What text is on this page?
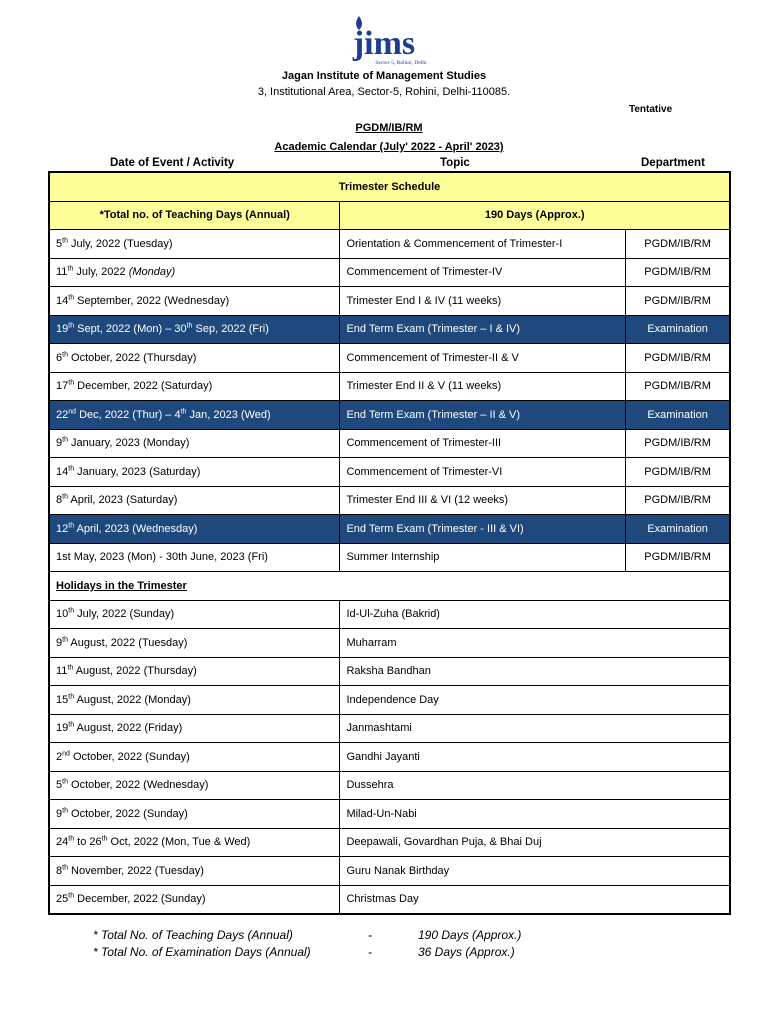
jims
Sector-5, Rohini, Delhi
Jagan Institute of Management Studies
3, Institutional Area, Sector-5, Rohini, Delhi-110085.
Tentative
PGDM/IB/RM
Academic Calendar (July' 2022 - April' 2023)
Date of Event / Activity	Topic	Department
Trimester Schedule		
*Total no. of Teaching Days (Annual)	190 Days (Approx.)	
5th July, 2022 (Tuesday)	Orientation & Commencement of Trimester-I	PGDM/IB/RM
11th July, 2022 (Monday)	Commencement of Trimester-IV	PGDM/IB/RM
14th September, 2022 (Wednesday)	Trimester End I & IV (11 weeks)	PGDM/IB/RM
19th Sept, 2022 (Mon) – 30th Sep, 2022 (Fri)	End Term Exam (Trimester – I & IV)	Examination
6th October, 2022 (Thursday)	Commencement of Trimester-II & V	PGDM/IB/RM
17th December, 2022 (Saturday)	Trimester End II & V (11 weeks)	PGDM/IB/RM
22nd Dec, 2022 (Thur) – 4th Jan, 2023 (Wed)	End Term Exam (Trimester – II & V)	Examination
9th January, 2023 (Monday)	Commencement of Trimester-III	PGDM/IB/RM
14th January, 2023 (Saturday)	Commencement of Trimester-VI	PGDM/IB/RM
8th April, 2023 (Saturday)	Trimester End III & VI (12 weeks)	PGDM/IB/RM
12th April, 2023 (Wednesday)	End Term Exam (Trimester - III & VI)	Examination
1st May, 2023 (Mon) - 30th June, 2023 (Fri)	Summer Internship	PGDM/IB/RM
Holidays in the Trimester		
10th July, 2022 (Sunday)	Id-Ul-Zuha (Bakrid)	
9th August, 2022 (Tuesday)	Muharram	
11th August, 2022 (Thursday)	Raksha Bandhan	
15th August, 2022 (Monday)	Independence Day	
19th August, 2022 (Friday)	Janmashtami	
2nd October, 2022 (Sunday)	Gandhi Jayanti	
5th October, 2022 (Wednesday)	Dussehra	
9th October, 2022 (Sunday)	Milad-Un-Nabi	
24th to 26th Oct, 2022 (Mon, Tue & Wed)	Deepawali, Govardhan Puja, & Bhai Duj	
8th November, 2022 (Tuesday)	Guru Nanak Birthday	
25th December, 2022 (Sunday)	Christmas Day	
* Total No. of Teaching Days (Annual)	-	190 Days (Approx.)
* Total No. of Examination Days (Annual)	-	36 Days (Approx.)
